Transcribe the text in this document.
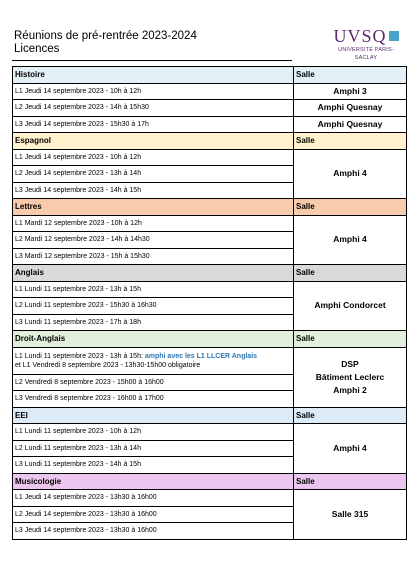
Réunions de pré-rentrée 2023-2024
Licences
UVSQ
UNIVERSITÉ PARIS-SACLAY
Histoire	Salle
L1 Jeudi 14 septembre 2023 - 10h à 12h	Amphi 3
L2 Jeudi 14 septembre 2023 - 14h à 15h30	Amphi Quesnay
L3 Jeudi 14 septembre 2023 - 15h30 à 17h	Amphi Quesnay
Espagnol	Salle
L1 Jeudi 14 septembre 2023 - 10h à 12h	Amphi 4
L2 Jeudi 14 septembre 2023 - 13h à 14h	
L3 Jeudi 14 septembre 2023 - 14h à 15h	
Lettres	Salle
L1 Mardi 12 septembre 2023 - 10h à 12h	Amphi 4
L2 Mardi 12 septembre 2023 - 14h à 14h30	
L3 Mardi 12 septembre 2023 - 15h à 15h30	
Anglais	Salle
L1 Lundi 11 septembre 2023 - 13h à 15h	Amphi Condorcet
L2 Lundi 11 septembre 2023 - 15h30 à 16h30	
L3 Lundi 11 septembre 2023 - 17h à 18h	
Droit-Anglais	Salle
L1 Lundi 11 septembre 2023 - 13h à 15h: amphi avec les L1 LLCER Anglais
et L1 Vendredi 8 septembre 2023 - 13h30-15h00 obligatoire	DSP
Bâtiment Leclerc
Amphi 2
L2 Vendredi 8 septembre 2023 - 15h00 à 16h00	
L3 Vendredi 8 septembre 2023 - 16h00 à 17h00	
EEI	Salle
L1 Lundi 11 septembre 2023 - 10h à 12h	Amphi 4
L2 Lundi 11 septembre 2023 - 13h à 14h	
L3 Lundi 11 septembre 2023 - 14h à 15h	
Musicologie	Salle
L1 Jeudi 14 septembre 2023 - 13h30 à 16h00	Salle 315
L2 Jeudi 14 septembre 2023 - 13h30 à 16h00	
L3 Jeudi 14 septembre 2023 - 13h30 à 16h00	
